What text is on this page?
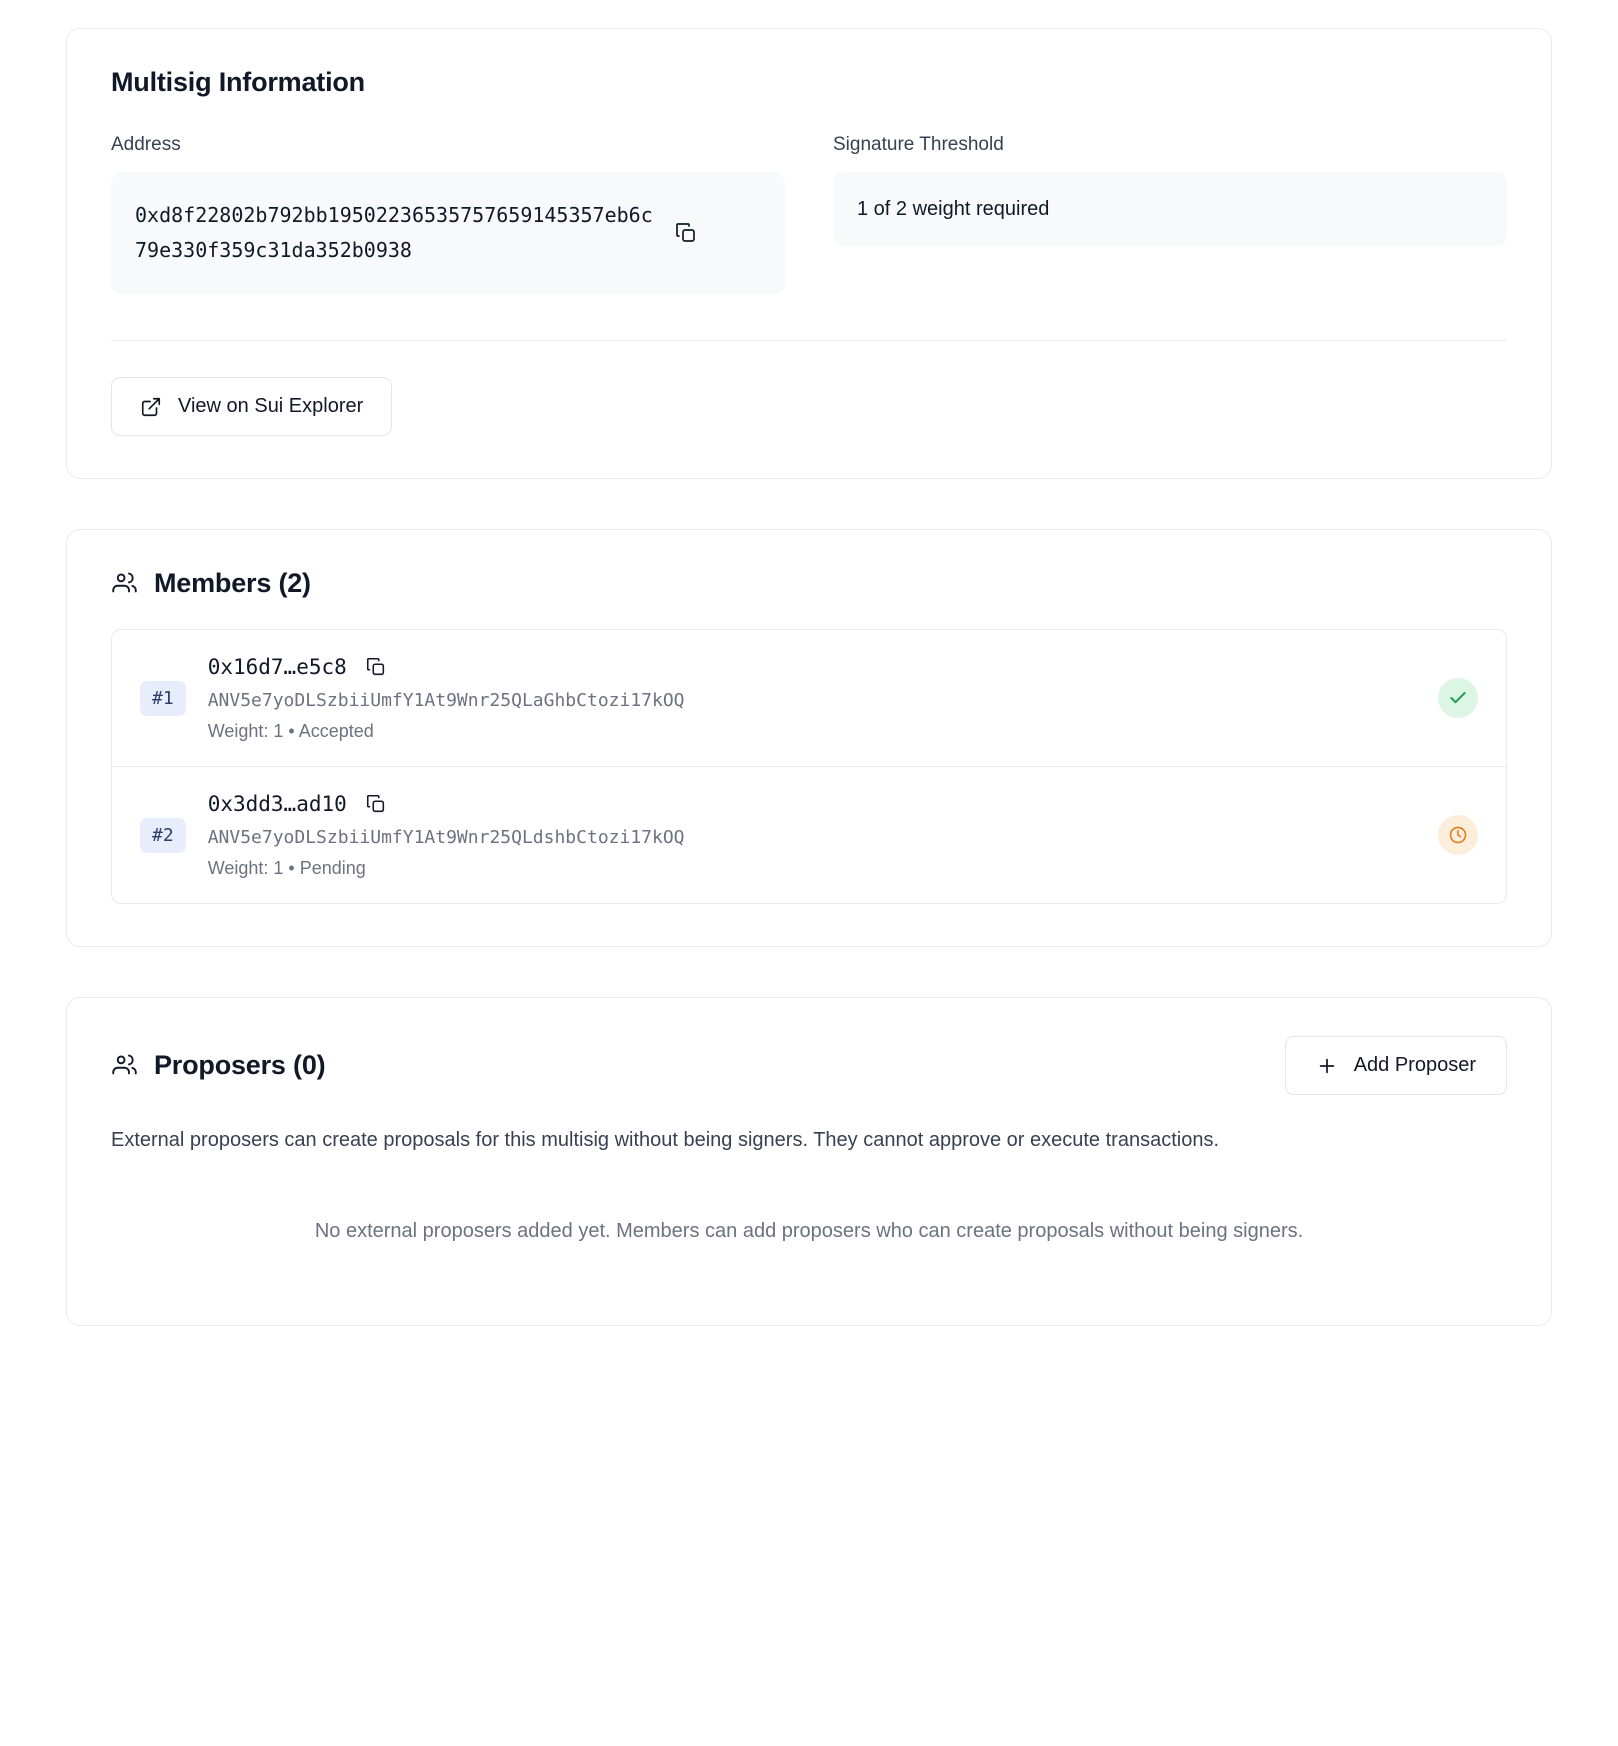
Multisig Information
Address
0xd8f22802b792bb19502236535757659145357eb6c79e330f359c31da352b0938
Signature Threshold
1 of 2 weight required
View on Sui Explorer
Members (2)
#1
0x16d7…e5c8
ANV5e7yoDLSzbiiUmfY1At9Wnr25QLaGhbCtozi17kOQ
Weight: 1 • Accepted
#2
0x3dd3…ad10
ANV5e7yoDLSzbiiUmfY1At9Wnr25QLdshbCtozi17kOQ
Weight: 1 • Pending
Proposers (0)	Add Proposer

External proposers can create proposals for this multisig without being signers. They cannot approve or execute transactions.

No external proposers added yet. Members can add proposers who can create proposals without being signers.
